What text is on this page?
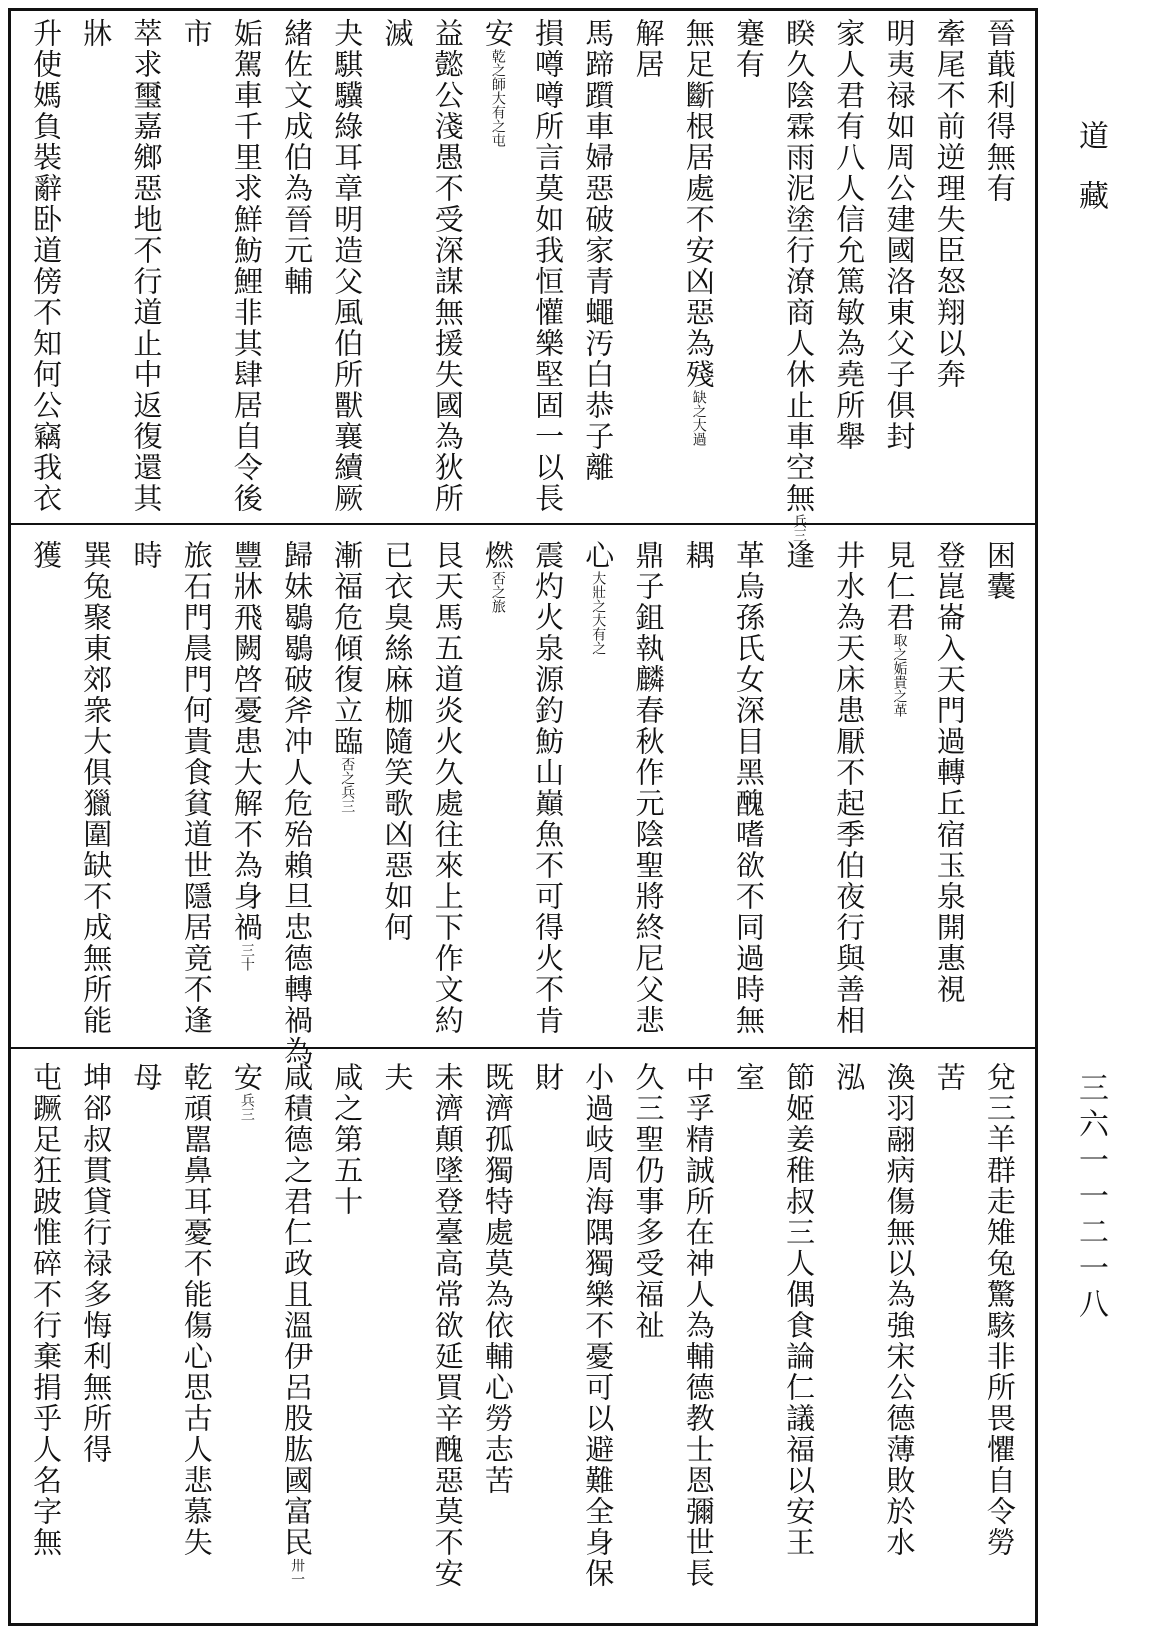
晉蕺利得無有
牽尾不前逆理失臣怒翔以奔
明夷禄如周公建國洛東父子俱封
家人君有八人信允篤敏為堯所舉
睽久陰霖雨泥塗行潦商人休止車空無兵三
蹇有
無足斷根居處不安凶惡為殘缺之大過
解居
馬蹄躓車婦惡破家青蠅汚白恭子離
損噂噂所言莫如我恒懽樂堅固一以長
安乾之師大有之屯
益懿公淺愚不受深謀無援失國為狄所
滅
夬騏驥綠耳章明造父風伯所獸襄續厥
緒佐文成伯為晉元輔
姤駕車千里求鮮魴鯉非其肆居自令後
市
萃求璽嘉鄉惡地不行道止中返復還其
牀
升使媽負裝辭卧道傍不知何公竊我衣
困囊
登崑崙入天門過轉丘宿玉泉開惠視
見仁君取之姤貴之革
井水為天床患厭不起季伯夜行與善相
逢
革烏孫氏女深目黑醜嗜欲不同過時無
耦
鼎子鉏執麟春秋作元陰聖將終尼父悲
心大壯之大有之
震灼火泉源釣魴山巔魚不可得火不肯
燃否之旅
艮天馬五道炎火久處往來上下作文約
已衣臭絲麻枷隨笑歌凶惡如何
漸福危傾復立臨否之兵三
歸妹鶡鶡破斧冲人危殆賴旦忠德轉禍為
豐牀飛闕啓憂患大解不為身禍三十
旅石門晨門何貴食貧道世隱居竟不逢
時
巽兔聚東郊衆大俱獵圍缺不成無所能
獲
兌三羊群走雉兔驚駭非所畏懼自令勞
苦
渙羽翮病傷無以為強宋公德薄敗於水
泓
節姬姜稚叔三人偶食論仁議福以安王
室
中孚精誠所在神人為輔德教士恩彌世長
久三聖仍事多受福祉
小過岐周海隅獨樂不憂可以避難全身保
財
既濟孤獨特處莫為依輔心勞志苦
未濟顛墜登臺高常欲延買辛醜惡莫不安
夫
咸之第五十
咸積德之君仁政且溫伊呂股肱國富民卅一
安兵三
乾頑嚚鼻耳憂不能傷心思古人悲慕失
母
坤郤叔貫貸行禄多悔利無所得
屯蹶足狂跛惟碎不行棄捐乎人名字無
道藏
三六一一二一八
